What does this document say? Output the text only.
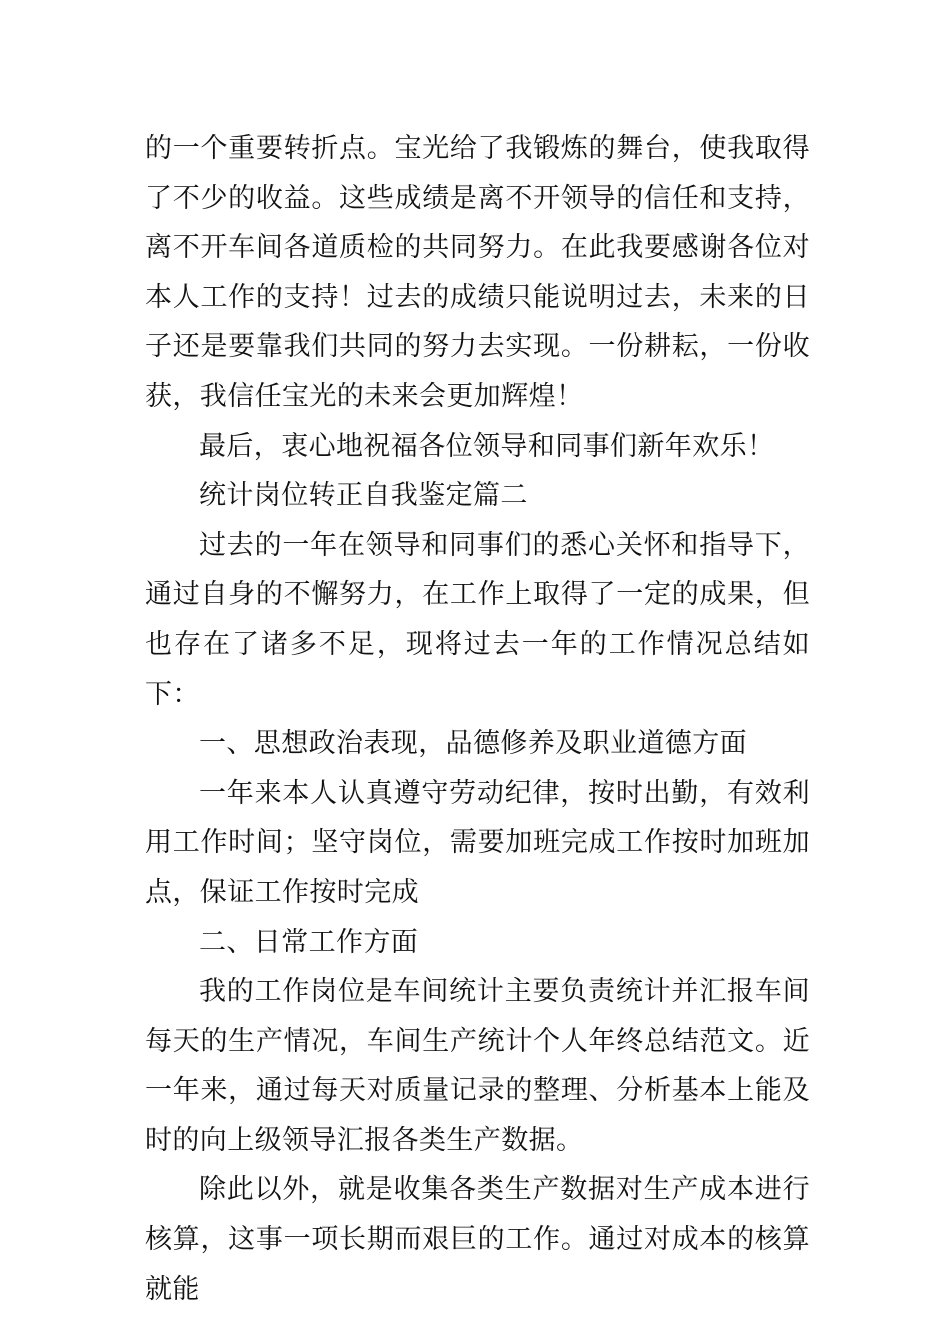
的一个重要转折点。宝光给了我锻炼的舞台，使我取得了不少的收益。这些成绩是离不开领导的信任和支持，离不开车间各道质检的共同努力。在此我要感谢各位对本人工作的支持！过去的成绩只能说明过去，未来的日子还是要靠我们共同的努力去实现。一份耕耘，一份收获，我信任宝光的未来会更加辉煌！

最后，衷心地祝福各位领导和同事们新年欢乐！

统计岗位转正自我鉴定篇二

过去的一年在领导和同事们的悉心关怀和指导下，通过自身的不懈努力，在工作上取得了一定的成果，但也存在了诸多不足，现将过去一年的工作情况总结如下：

一、思想政治表现，品德修养及职业道德方面

一年来本人认真遵守劳动纪律，按时出勤，有效利用工作时间；坚守岗位，需要加班完成工作按时加班加点，保证工作按时完成

二、日常工作方面

我的工作岗位是车间统计主要负责统计并汇报车间每天的生产情况，车间生产统计个人年终总结范文。近一年来，通过每天对质量记录的整理、分析基本上能及时的向上级领导汇报各类生产数据。

除此以外，就是收集各类生产数据对生产成本进行核算，这事一项长期而艰巨的工作。通过对成本的核算就能
